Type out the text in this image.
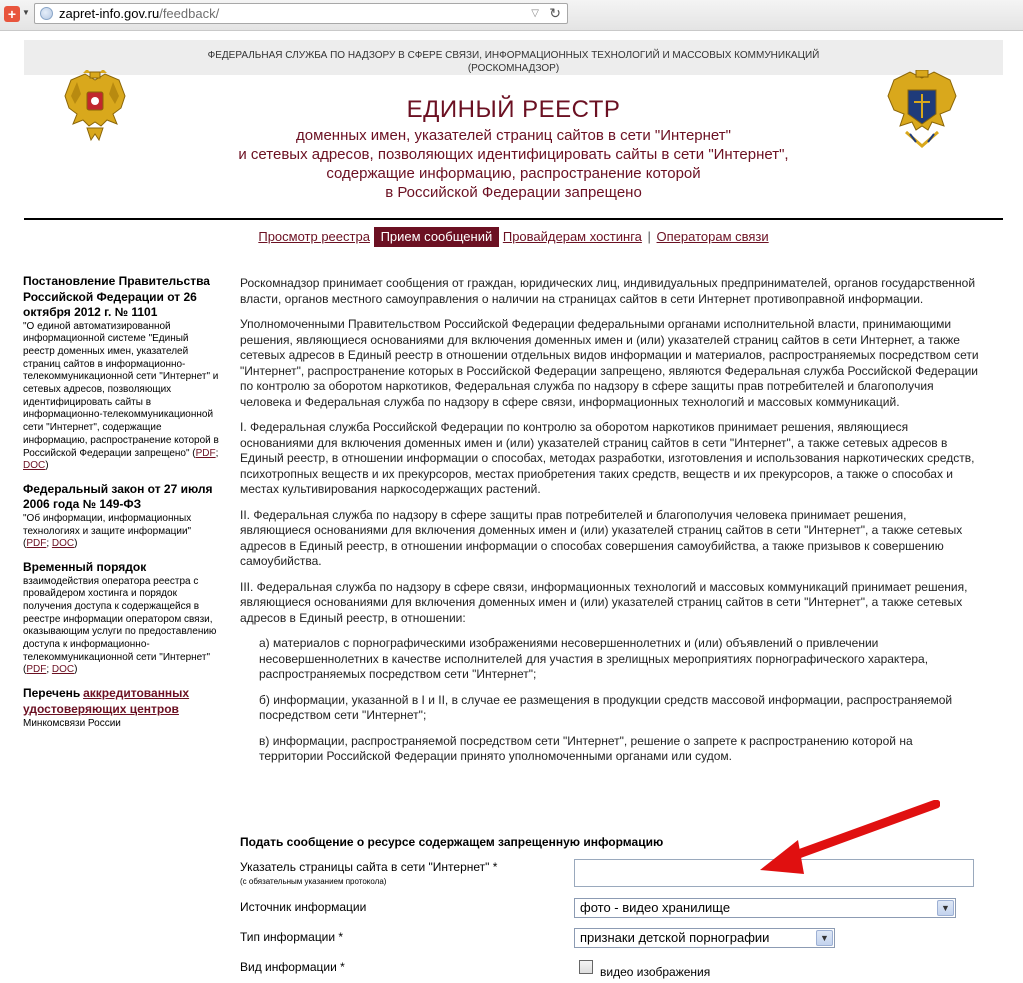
+ ▼ zapret-info.gov.ru/feedback/	▽ ↻
ФЕДЕРАЛЬНАЯ СЛУЖБА ПО НАДЗОРУ В СФЕРЕ СВЯЗИ, ИНФОРМАЦИОННЫХ ТЕХНОЛОГИЙ И МАССОВЫХ КОММУНИКАЦИЙ
(РОСКОМНАДЗОР)
ЕДИНЫЙ РЕЕСТР
доменных имен, указателей страниц сайтов в сети "Интернет"
и сетевых адресов, позволяющих идентифицировать сайты в сети "Интернет",
содержащие информацию, распространение которой
в Российской Федерации запрещено
Просмотр реестра Прием сообщений Провайдерам хостинга | Операторам связи
Постановление Правительства Российской Федерации от 26 октября 2012 г. № 1101
"О единой автоматизированной информационной системе "Единый реестр доменных имен, указателей страниц сайтов в информационно-телекоммуникационной сети "Интернет" и сетевых адресов, позволяющих идентифицировать сайты в информационно-телекоммуникационной сети "Интернет", содержащие информацию, распространение которой в Российской Федерации запрещено" (PDF; DOC)
Федеральный закон от 27 июля 2006 года № 149-ФЗ
"Об информации, информационных технологиях и защите информации" (PDF; DOC)
Временный порядок
взаимодействия оператора реестра с провайдером хостинга и порядок получения доступа к содержащейся в реестре информации оператором связи, оказывающим услуги по предоставлению доступа к информационно-телекоммуникационной сети "Интернет" (PDF; DOC)
Перечень аккредитованных удостоверяющих центров
Минкомсвязи России

Роскомнадзор принимает сообщения от граждан, юридических лиц, индивидуальных предпринимателей, органов государственной власти, органов местного самоуправления о наличии на страницах сайтов в сети Интернет противоправной информации.

Уполномоченными Правительством Российской Федерации федеральными органами исполнительной власти, принимающими решения, являющиеся основаниями для включения доменных имен и (или) указателей страниц сайтов в сети Интернет, а также сетевых адресов в Единый реестр в отношении отдельных видов информации и материалов, распространяемых посредством сети "Интернет", распространение которых в Российской Федерации запрещено, являются Федеральная служба Российской Федерации по контролю за оборотом наркотиков, Федеральная служба по надзору в сфере защиты прав потребителей и благополучия человека и Федеральная служба по надзору в сфере связи, информационных технологий и массовых коммуникаций.

I. Федеральная служба Российской Федерации по контролю за оборотом наркотиков принимает решения, являющиеся основаниями для включения доменных имен и (или) указателей страниц сайтов в сети "Интернет", а также сетевых адресов в Единый реестр, в отношении информации о способах, методах разработки, изготовления и использования наркотических средств, психотропных веществ и их прекурсоров, местах приобретения таких средств, веществ и их прекурсоров, а также о способах и местах культивирования наркосодержащих растений.

II. Федеральная служба по надзору в сфере защиты прав потребителей и благополучия человека принимает решения, являющиеся основаниями для включения доменных имен и (или) указателей страниц сайтов в сети "Интернет", а также сетевых адресов в Единый реестр, в отношении информации о способах совершения самоубийства, а также призывов к совершению самоубийства.

III. Федеральная служба по надзору в сфере связи, информационных технологий и массовых коммуникаций принимает решения, являющиеся основаниями для включения доменных имен и (или) указателей страниц сайтов в сети "Интернет", а также сетевых адресов в Единый реестр, в отношении:

а) материалов с порнографическими изображениями несовершеннолетних и (или) объявлений о привлечении несовершеннолетних в качестве исполнителей для участия в зрелищных мероприятиях порнографического характера, распространяемых посредством сети "Интернет";

б) информации, указанной в I и II, в случае ее размещения в продукции средств массовой информации, распространяемой посредством сети "Интернет";

в) информации, распространяемой посредством сети "Интернет", решение о запрете к распространению которой на территории Российской Федерации принято уполномоченными органами или судом.

Подать сообщение о ресурсе содержащем запрещенную информацию
Указатель страницы сайта в сети "Интернет" *
(с обязательным указанием протокола)
Источник информации	фото - видео хранилище	▼
Тип информации *	признаки детской порнографии	▼
Вид информации *	видео изображения
